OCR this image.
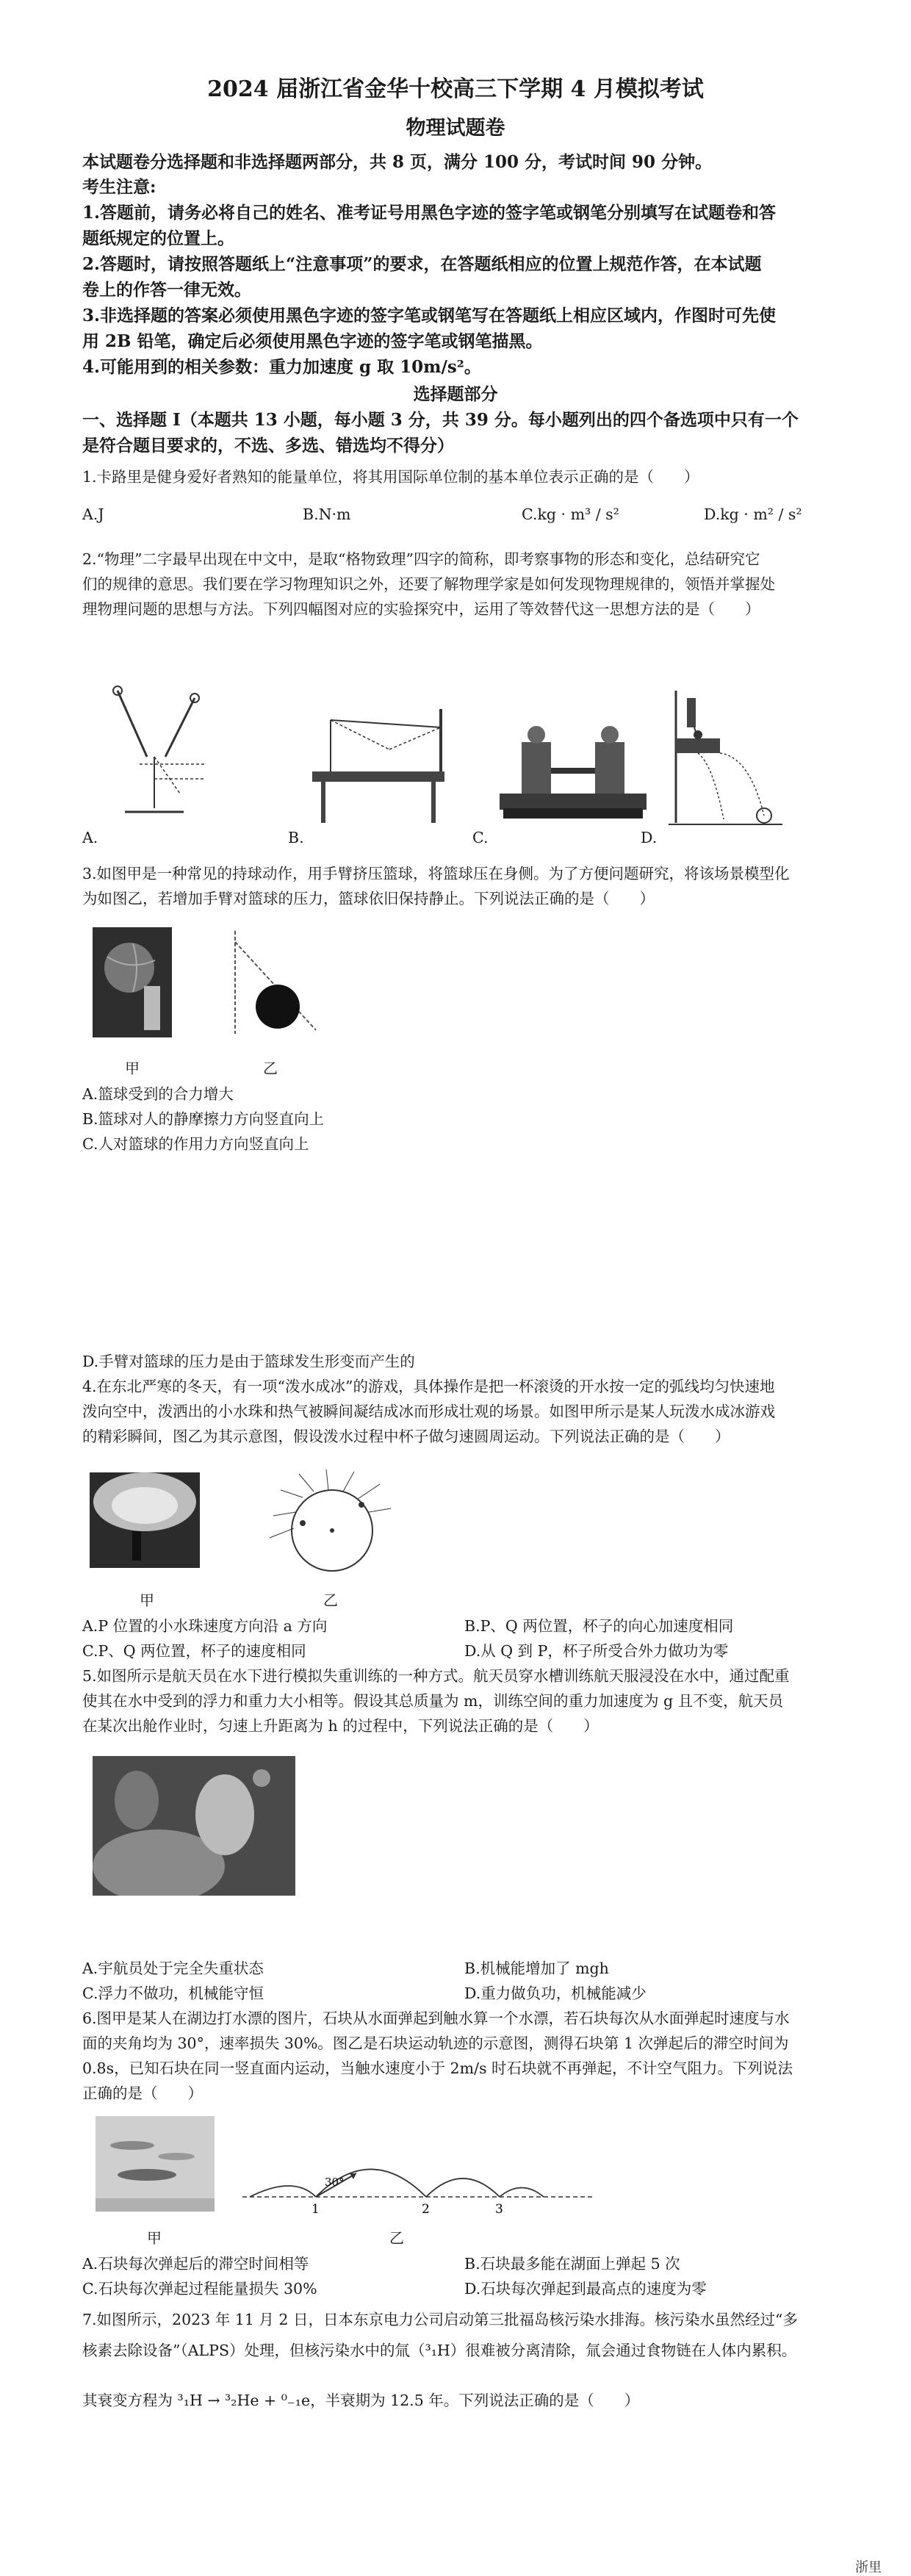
2024 届浙江省金华十校高三下学期 4 月模拟考试
物理试题卷
本试题卷分选择题和非选择题两部分，共 8 页，满分 100 分，考试时间 90 分钟。
考生注意:
1.答题前，请务必将自己的姓名、准考证号用黑色字迹的签字笔或钢笔分别填写在试题卷和答
题纸规定的位置上。
2.答题时，请按照答题纸上“注意事项”的要求，在答题纸相应的位置上规范作答，在本试题
卷上的作答一律无效。
3.非选择题的答案必须使用黑色字迹的签字笔或钢笔写在答题纸上相应区域内，作图时可先使
用 2B 铅笔，确定后必须使用黑色字迹的签字笔或钢笔描黑。
4.可能用到的相关参数：重力加速度 g 取 10m/s²。
选择题部分
一、选择题 I（本题共 13 小题，每小题 3 分，共 39 分。每小题列出的四个备选项中只有一个
是符合题目要求的，不选、多选、错选均不得分）
1.卡路里是健身爱好者熟知的能量单位，将其用国际单位制的基本单位表示正确的是（　　）
A.J	B.N·m	C.kg · m³ / s²	D.kg · m² / s²
2.“物理”二字最早出现在中文中，是取“格物致理”四字的简称，即考察事物的形态和变化，总结研究它
们的规律的意思。我们要在学习物理知识之外，还要了解物理学家是如何发现物理规律的，领悟并掌握处
理物理问题的思想与方法。下列四幅图对应的实验探究中，运用了等效替代这一思想方法的是（　　）
A.	B.	C.	D.
3.如图甲是一种常见的持球动作，用手臂挤压篮球，将篮球压在身侧。为了方便问题研究，将该场景模型化
为如图乙，若增加手臂对篮球的压力，篮球依旧保持静止。下列说法正确的是（　　）
甲	乙
A.篮球受到的合力增大
B.篮球对人的静摩擦力方向竖直向上
C.人对篮球的作用力方向竖直向上
D.手臂对篮球的压力是由于篮球发生形变而产生的
4.在东北严寒的冬天，有一项“泼水成冰”的游戏，具体操作是把一杯滚烫的开水按一定的弧线均匀快速地
泼向空中，泼洒出的小水珠和热气被瞬间凝结成冰而形成壮观的场景。如图甲所示是某人玩泼水成冰游戏
的精彩瞬间，图乙为其示意图，假设泼水过程中杯子做匀速圆周运动。下列说法正确的是（　　）
甲	乙
A.P 位置的小水珠速度方向沿 a 方向	B.P、Q 两位置，杯子的向心加速度相同
C.P、Q 两位置，杯子的速度相同	D.从 Q 到 P，杯子所受合外力做功为零
5.如图所示是航天员在水下进行模拟失重训练的一种方式。航天员穿水槽训练航天服浸没在水中，通过配重
使其在水中受到的浮力和重力大小相等。假设其总质量为 m，训练空间的重力加速度为 g 且不变，航天员
在某次出舱作业时，匀速上升距离为 h 的过程中，下列说法正确的是（　　）
A.宇航员处于完全失重状态	B.机械能增加了 mgh
C.浮力不做功，机械能守恒	D.重力做负功，机械能减少
6.图甲是某人在湖边打水漂的图片，石块从水面弹起到触水算一个水漂，若石块每次从水面弹起时速度与水
面的夹角均为 30°，速率损失 30%。图乙是石块运动轨迹的示意图，测得石块第 1 次弹起后的滞空时间为
0.8s，已知石块在同一竖直面内运动，当触水速度小于 2m/s 时石块就不再弹起，不计空气阻力。下列说法
正确的是（　　）
30°
1	2	3
甲	乙
A.石块每次弹起后的滞空时间相等	B.石块最多能在湖面上弹起 5 次
C.石块每次弹起过程能量损失 30%	D.石块每次弹起到最高点的速度为零
7.如图所示，2023 年 11 月 2 日，日本东京电力公司启动第三批福岛核污染水排海。核污染水虽然经过“多
核素去除设备”（ALPS）处理，但核污染水中的氚（³₁H）很难被分离清除，氚会通过食物链在人体内累积。
其衰变方程为 ³₁H → ³₂He + ⁰₋₁e，半衰期为 12.5 年。下列说法正确的是（　　）
浙里
